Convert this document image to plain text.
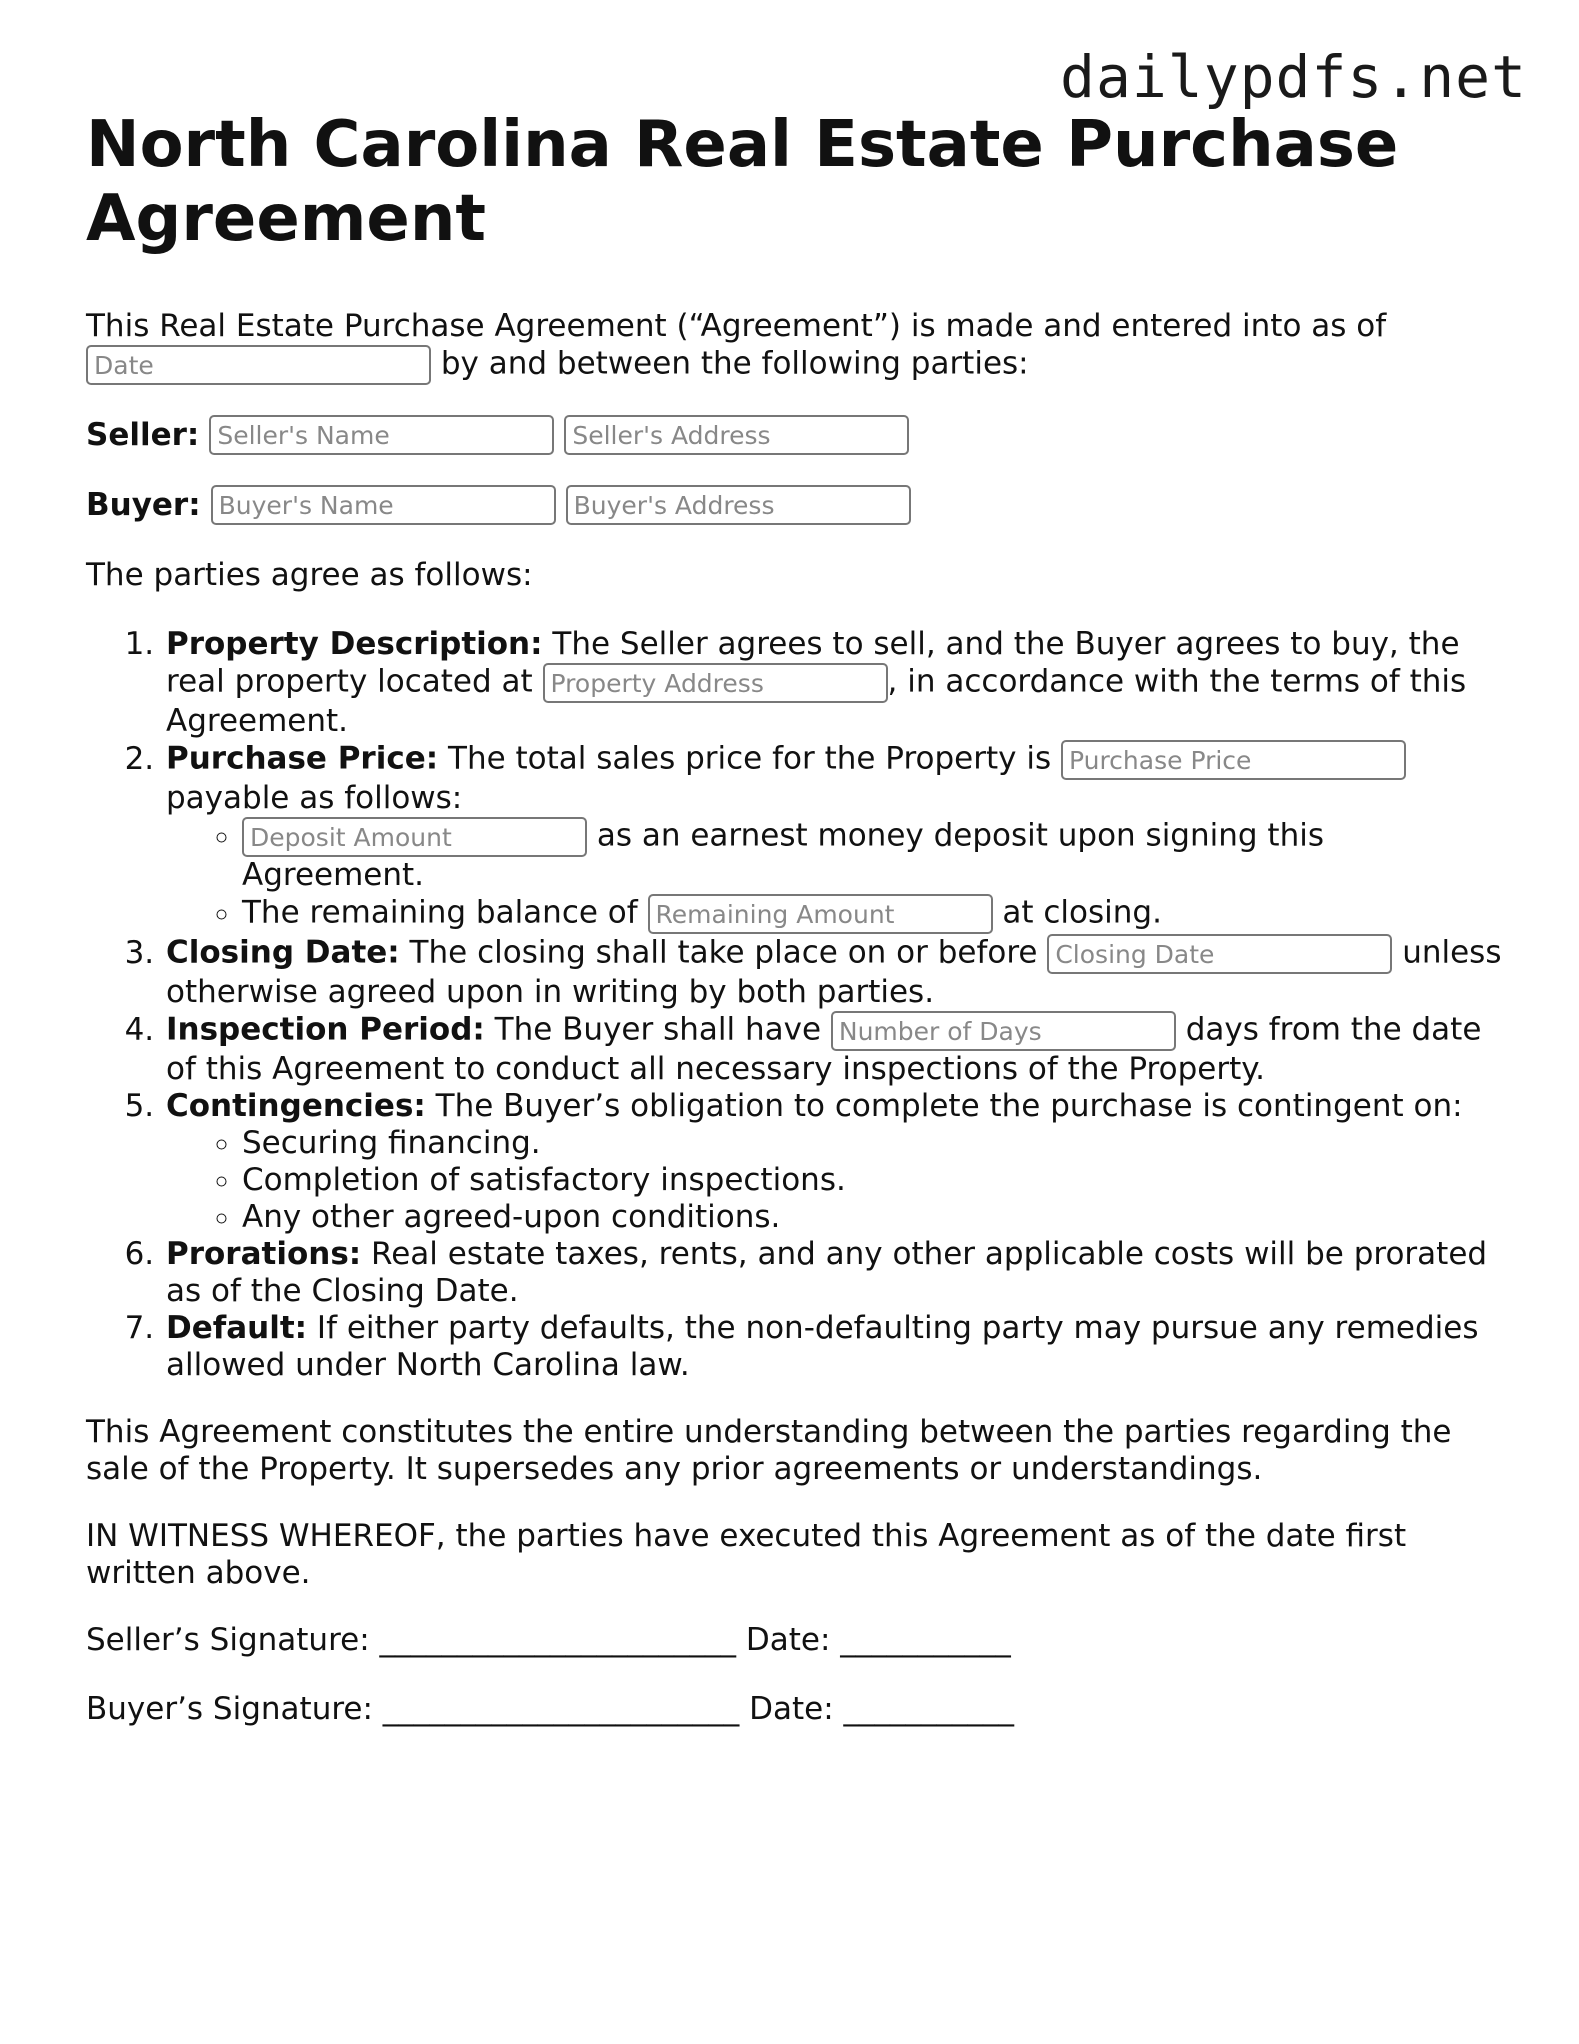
dailypdfs.net
North Carolina Real Estate Purchase Agreement

This Real Estate Purchase Agreement (“Agreement”) is made and entered into as of
Date by and between the following parties:

Seller:
Seller's Name
Seller's Address
Buyer:
Buyer's Name
Buyer's Address

The parties agree as follows:

1. Property Description: The Seller agrees to sell, and the Buyer agrees to buy, the real property located at Property Address	, in accordance with the terms of this Agreement.
2. Purchase Price: The total sales price for the Property is Purchase Price payable as follows:
Deposit Amount ◦ as an earnest money deposit upon signing this Agreement.
◦ The remaining balance of Remaining Amount	at closing.
3. Closing Date: The closing shall take place on or before Closing Date	unless otherwise agreed upon in writing by both parties.
4. Inspection Period: The Buyer shall have Number of Days	days from the date of this Agreement to conduct all necessary inspections of the Property.
5. Contingencies: The Buyer’s obligation to complete the purchase is contingent on:
◦ Securing financing.
◦ Completion of satisfactory inspections.
◦ Any other agreed-upon conditions.
6. Prorations: Real estate taxes, rents, and any other applicable costs will be prorated as of the Closing Date.
7. Default: If either party defaults, the non-defaulting party may pursue any remedies allowed under North Carolina law.

This Agreement constitutes the entire understanding between the parties regarding the sale of the Property. It supersedes any prior agreements or understandings.

IN WITNESS WHEREOF, the parties have executed this Agreement as of the date first written above.

Seller’s Signature: _______________________ Date: ___________

Buyer’s Signature: _______________________ Date: ___________
